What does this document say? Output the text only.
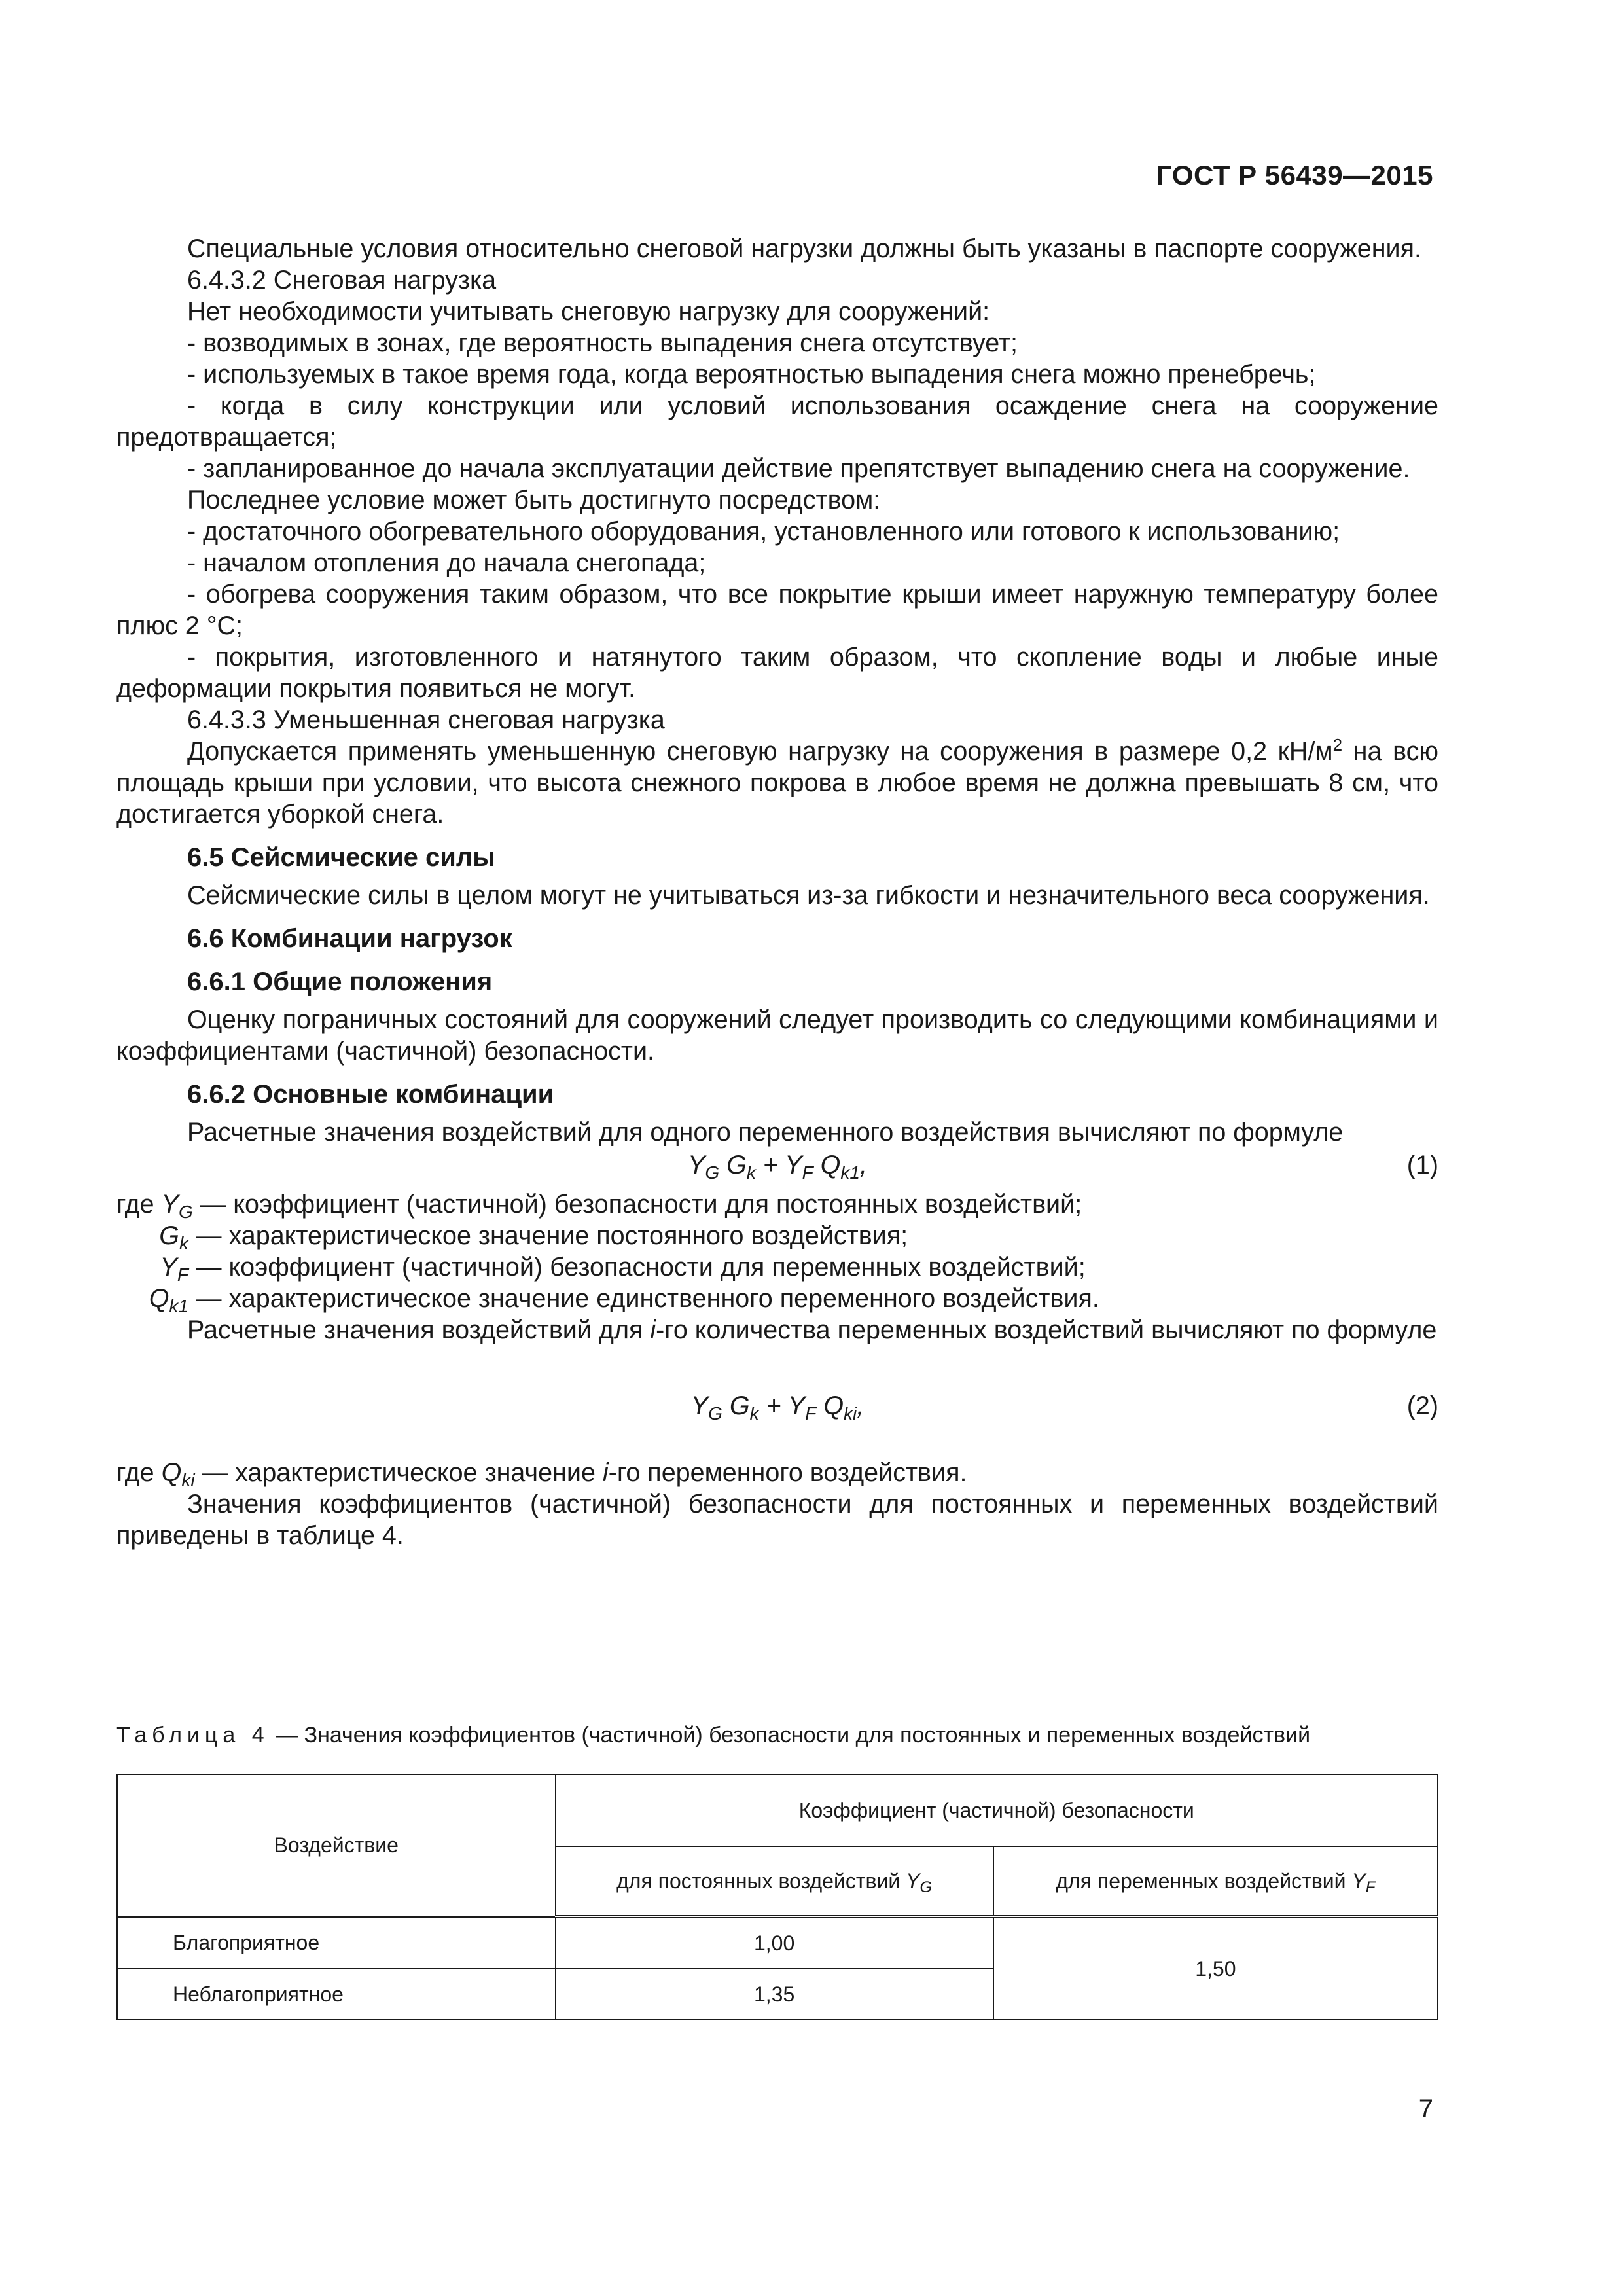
ГОСТ Р 56439—2015

Специальные условия относительно снеговой нагрузки должны быть указаны в паспорте сооружения.

6.4.3.2 Снеговая нагрузка

Нет необходимости учитывать снеговую нагрузку для сооружений:

- возводимых в зонах, где вероятность выпадения снега отсутствует;

- используемых в такое время года, когда вероятностью выпадения снега можно пренебречь;

- когда в силу конструкции или условий использования осаждение снега на сооружение предотвращается;

- запланированное до начала эксплуатации действие препятствует выпадению снега на сооружение.

Последнее условие может быть достигнуто посредством:

- достаточного обогревательного оборудования, установленного или готового к использованию;

- началом отопления до начала снегопада;

- обогрева сооружения таким образом, что все покрытие крыши имеет наружную температуру более плюс 2 °С;

- покрытия, изготовленного и натянутого таким образом, что скопление воды и любые иные деформации покрытия появиться не могут.

6.4.3.3 Уменьшенная снеговая нагрузка

Допускается применять уменьшенную снеговую нагрузку на сооружения в размере 0,2 $кН/м^2$ на всю площадь крыши при условии, что высота снежного покрова в любое время не должна превышать 8 см, что достигается уборкой снега.

6.5 Сейсмические силы

Сейсмические силы в целом могут не учитываться из-за гибкости и незначительного веса сооружения.

6.6 Комбинации нагрузок

6.6.1 Общие положения

Оценку пограничных состояний для сооружений следует производить со следующими комбинациями и коэффициентами (частичной) безопасности.

6.6.2 Основные комбинации

Расчетные значения воздействий для одного переменного воздействия вычисляют по формуле

$Y_G$ $G_k + Y_F$ $Q_{k1}$,	(1)

где $Y_G$ — коэффициент (частичной) безопасности для постоянных воздействий;

$G_k$ — характеристическое значение постоянного воздействия;

$Y_F$ — коэффициент (частичной) безопасности для переменных воздействий;

$Q_{k1}$ — характеристическое значение единственного переменного воздействия.

Расчетные значения воздействий для i-го количества переменных воздействий вычисляют по формуле

$Y_G$ $G_k + Y_F$ $Q_{ki}$,	(2)

где $Q_{ki}$ — характеристическое значение i-го переменного воздействия.

Значения коэффициентов (частичной) безопасности для постоянных и переменных воздействий приведены в таблице 4.

Таблица 4 — Значения коэффициентов (частичной) безопасности для постоянных и переменных воздействий
Воздействие	Коэффициент (частичной) безопасности	
	для постоянных воздействий $Y_G$	для переменных воздействий $Y_F$
Благоприятное	1,00	1,50
Неблагоприятное	1,35	
7
